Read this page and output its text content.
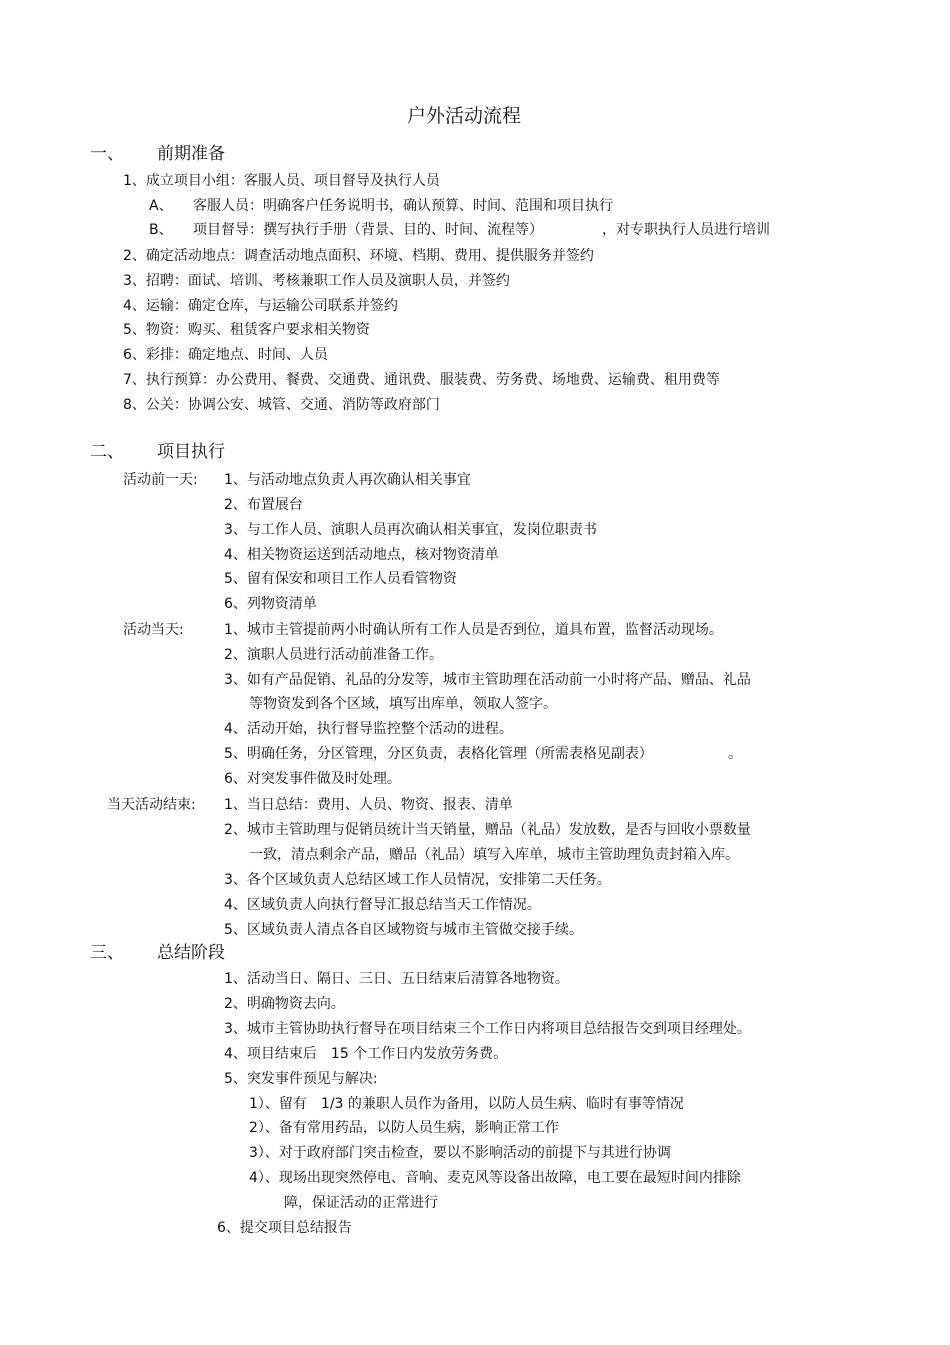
户外活动流程
一、 前期准备
1、成立项目小组：客服人员、项目督导及执行人员
A、 客服人员：明确客户任务说明书，确认预算、时间、范围和项目执行
B、 项目督导：撰写执行手册（背景、目的、时间、流程等）	，对专职执行人员进行培训
2、确定活动地点：调查活动地点面积、环境、档期、费用、提供服务并签约
3、招聘：面试、培训、考核兼职工作人员及演职人员，并签约
4、运输：确定仓库，与运输公司联系并签约
5、物资：购买、租赁客户要求相关物资
6、彩排：确定地点、时间、人员
7、执行预算：办公费用、餐费、交通费、通讯费、服装费、劳务费、场地费、运输费、租用费等
8、公关：协调公安、城管、交通、消防等政府部门
二、 项目执行
活动前一天: 1、与活动地点负责人再次确认相关事宜
2、布置展台
3、与工作人员、演职人员再次确认相关事宜，发岗位职责书
4、相关物资运送到活动地点，核对物资清单
5、留有保安和项目工作人员看管物资
6、列物资清单
活动当天:	1、城市主管提前两小时确认所有工作人员是否到位，道具布置，监督活动现场。
2、演职人员进行活动前准备工作。
3、如有产品促销、礼品的分发等，城市主管助理在活动前一小时将产品、赠品、礼品
等物资发到各个区域，填写出库单，领取人签字。
4、活动开始，执行督导监控整个活动的进程。
5、明确任务，分区管理，分区负责，表格化管理（所需表格见副表）	。
6、对突发事件做及时处理。
当天活动结束: 1、当日总结：费用、人员、物资、报表、清单
2、城市主管助理与促销员统计当天销量，赠品（礼品）发放数，是否与回收小票数量
一致，清点剩余产品，赠品（礼品）填写入库单，城市主管助理负责封箱入库。
3、各个区域负责人总结区域工作人员情况，安排第二天任务。
4、区域负责人向执行督导汇报总结当天工作情况。
5、区域负责人清点各自区域物资与城市主管做交接手续。
三、 总结阶段
1、活动当日、隔日、三日、五日结束后清算各地物资。
2、明确物资去向。
3、城市主管协助执行督导在项目结束三个工作日内将项目总结报告交到项目经理处。
4、项目结束后　15 个工作日内发放劳务费。
5、突发事件预见与解决:
1）、留有　1/3 的兼职人员作为备用，以防人员生病、临时有事等情况
2）、备有常用药品，以防人员生病，影响正常工作
3）、对于政府部门突击检查，要以不影响活动的前提下与其进行协调
4）、现场出现突然停电、音响、麦克风等设备出故障，电工要在最短时间内排除
障，保证活动的正常进行
6、提交项目总结报告
